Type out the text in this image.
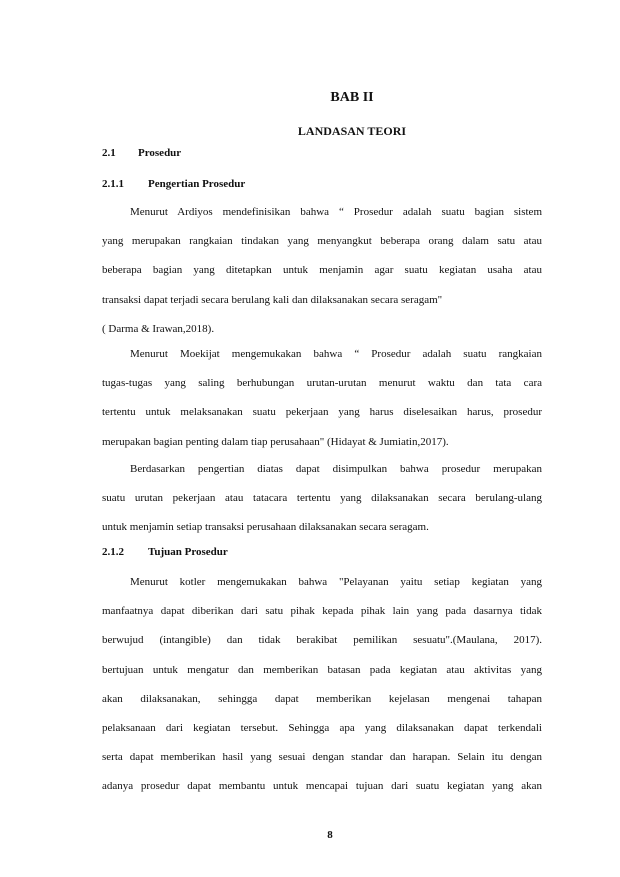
BAB II
LANDASAN TEORI
2.1 Prosedur
2.1.1 Pengertian Prosedur
Menurut Ardiyos mendefinisikan bahwa “ Prosedur adalah suatu bagian sistem
yang merupakan rangkaian tindakan yang menyangkut beberapa orang dalam satu atau
beberapa bagian yang ditetapkan untuk menjamin agar suatu kegiatan usaha atau
transaksi dapat terjadi secara berulang kali dan dilaksanakan secara seragam"
( Darma & Irawan,2018).
Menurut Moekijat mengemukakan bahwa “ Prosedur adalah suatu rangkaian
tugas-tugas yang saling berhubungan urutan-urutan menurut waktu dan tata cara
tertentu untuk melaksanakan suatu pekerjaan yang harus diselesaikan harus, prosedur
merupakan bagian penting dalam tiap perusahaan" (Hidayat & Jumiatin,2017).
Berdasarkan pengertian diatas dapat disimpulkan bahwa prosedur merupakan
suatu urutan pekerjaan atau tatacara tertentu yang dilaksanakan secara berulang-ulang
untuk menjamin setiap transaksi perusahaan dilaksanakan secara seragam.
2.1.2 Tujuan Prosedur
Menurut kotler mengemukakan bahwa "Pelayanan yaitu setiap kegiatan yang
manfaatnya dapat diberikan dari satu pihak kepada pihak lain yang pada dasarnya tidak
berwujud (intangible) dan tidak berakibat pemilikan sesuatu".(Maulana, 2017).
bertujuan untuk mengatur dan memberikan batasan pada kegiatan atau aktivitas yang
akan dilaksanakan, sehingga dapat memberikan kejelasan mengenai tahapan
pelaksanaan dari kegiatan tersebut. Sehingga apa yang dilaksanakan dapat terkendali
serta dapat memberikan hasil yang sesuai dengan standar dan harapan. Selain itu dengan
adanya prosedur dapat membantu untuk mencapai tujuan dari suatu kegiatan yang akan
8
